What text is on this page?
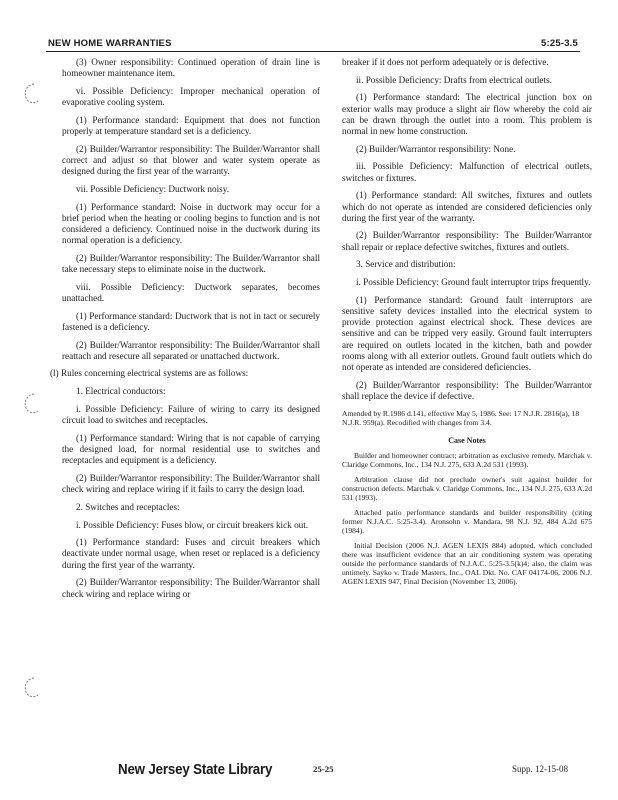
NEW HOME WARRANTIES	5:25-3.5

(3) Owner responsibility: Continued operation of drain line is homeowner maintenance item.

vi. Possible Deficiency: Improper mechanical operation of evaporative cooling system.

(1) Performance standard: Equipment that does not function properly at temperature standard set is a deficiency.

(2) Builder/Warrantor responsibility: The Builder/Warrantor shall correct and adjust so that blower and water system operate as designed during the first year of the warranty.

vii. Possible Deficiency: Ductwork noisy.

(1) Performance standard: Noise in ductwork may occur for a brief period when the heating or cooling begins to function and is not considered a deficiency. Continued noise in the ductwork during its normal operation is a deficiency.

(2) Builder/Warrantor responsibility: The Builder/Warrantor shall take necessary steps to eliminate noise in the ductwork.

viii. Possible Deficiency: Ductwork separates, becomes unattached.

(1) Performance standard: Ductwork that is not in tact or securely fastened is a deficiency.

(2) Builder/Warrantor responsibility: The Builder/Warrantor shall reattach and resecure all separated or unattached ductwork.

(l) Rules concerning electrical systems are as follows:

1. Electrical conductors:

i. Possible Deficiency: Failure of wiring to carry its designed circuit load to switches and receptacles.

(1) Performance standard: Wiring that is not capable of carrying the designed load, for normal residential use to switches and receptacles and equipment is a deficiency.

(2) Builder/Warrantor responsibility: The Builder/Warrantor shall check wiring and replace wiring if it fails to carry the design load.

2. Switches and receptacles:

i. Possible Deficiency: Fuses blow, or circuit breakers kick out.

(1) Performance standard: Fuses and circuit breakers which deactivate under normal usage, when reset or replaced is a deficiency during the first year of the warranty.

(2) Builder/Warrantor responsibility: The Builder/Warrantor shall check wiring and replace wiring or

breaker if it does not perform adequately or is defective.

ii. Possible Deficiency: Drafts from electrical outlets.

(1) Performance standard: The electrical junction box on exterior walls may produce a slight air flow whereby the cold air can be drawn through the outlet into a room. This problem is normal in new home construction.

(2) Builder/Warrantor responsibility: None.

iii. Possible Deficiency: Malfunction of electrical outlets, switches or fixtures.

(1) Performance standard: All switches, fixtures and outlets which do not operate as intended are considered deficiencies only during the first year of the warranty.

(2) Builder/Warrantor responsibility: The Builder/Warrantor shall repair or replace defective switches, fixtures and outlets.

3. Service and distribution:

i. Possible Deficiency: Ground fault interruptor trips frequently.

(1) Performance standard: Ground fault interruptors are sensitive safety devices installed into the electrical system to provide protection against electrical shock. These devices are sensitive and can be tripped very easily. Ground fault interrupters are required on outlets located in the kitchen, bath and powder rooms along with all exterior outlets. Ground fault outlets which do not operate as intended are considered deficiencies.

(2) Builder/Warrantor responsibility: The Builder/Warrantor shall replace the device if defective.

Amended by R.1986 d.141, effective May 5, 1986. See: 17 N.J.R. 2816(a), 18 N.J.R. 959(a). Recodified with changes from 3.4.

Case Notes

Builder and homeowner contract; arbitration as exclusive remedy. Marchak v. Claridge Commons, Inc., 134 N.J. 275, 633 A.2d 531 (1993).

Arbitration clause did not preclude owner's suit against builder for construction defects. Marchak v. Claridge Commons, Inc., 134 N.J. 275, 633 A.2d 531 (1993).

Attached patio performance standards and builder responsibility (citing former N.J.A.C. 5:25-3.4). Aronsohn v. Mandara, 98 N.J. 92, 484 A.2d 675 (1984).

Initial Decision (2006 N.J. AGEN LEXIS 884) adopted, which concluded there was insufficient evidence that an air conditioning system was operating outside the performance standards of N.J.A.C. 5:25-3.5(k)4; also, the claim was untimely. Sayko v. Trade Masters, Inc., OAL Dkt. No. CAF 04174-06, 2006 N.J. AGEN LEXIS 947, Final Decision (November 13, 2006).

New Jersey State Library	25-25	Supp. 12-15-08
